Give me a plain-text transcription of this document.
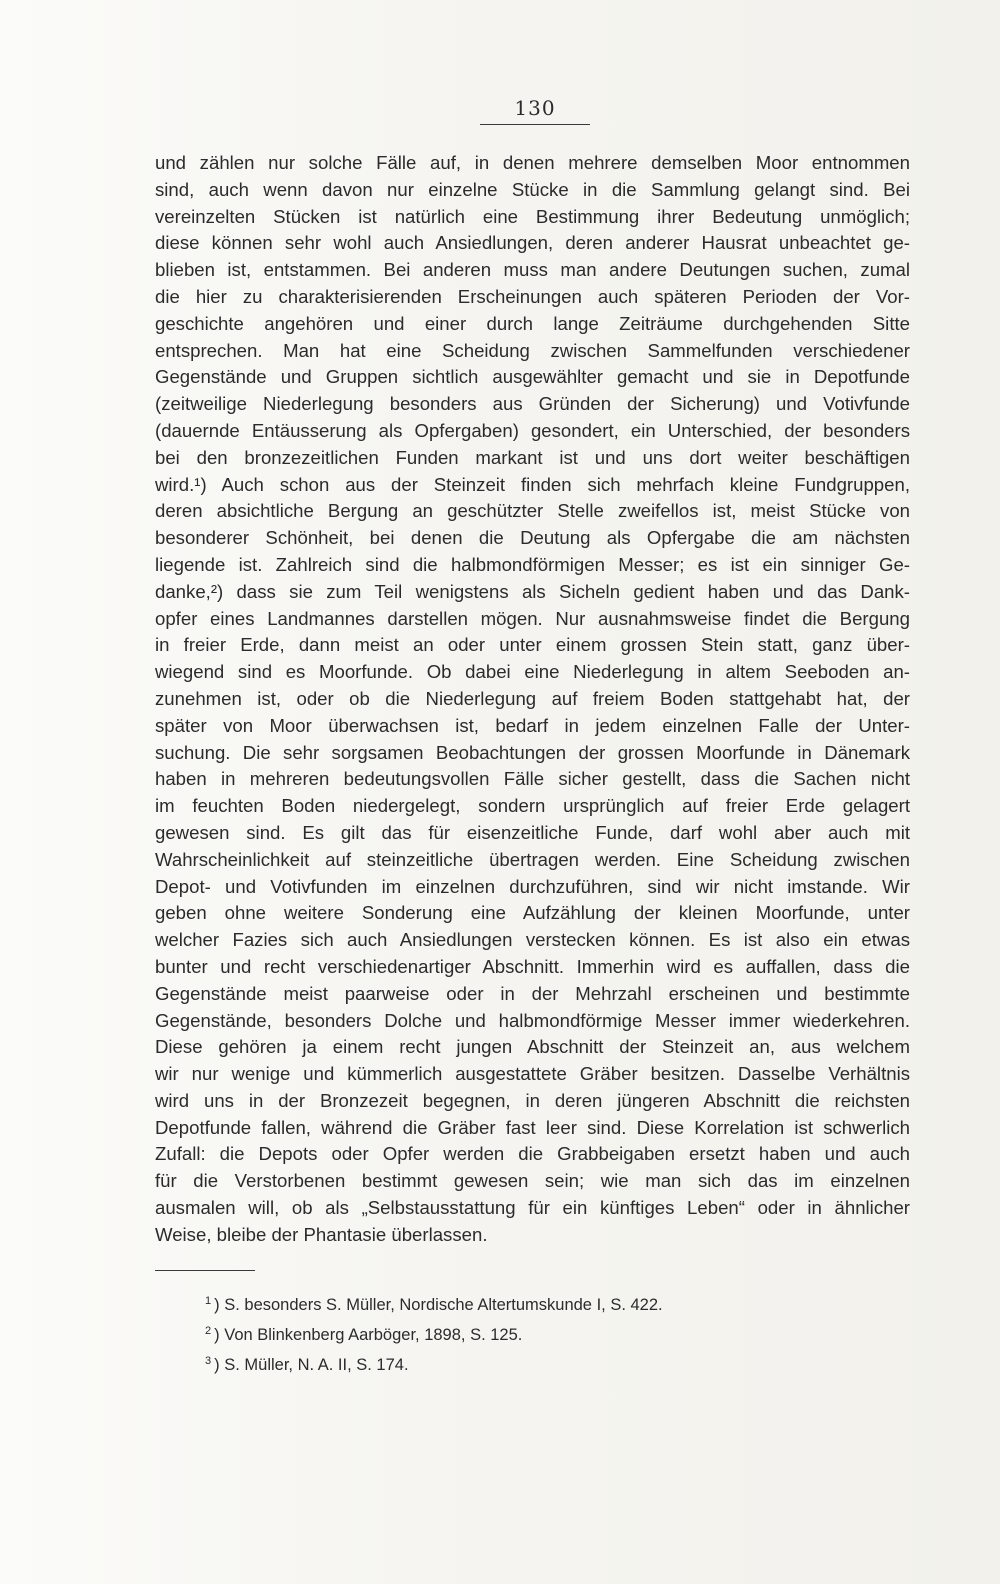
130
und zählen nur solche Fälle auf, in denen mehrere demselben Moor entnommen
sind, auch wenn davon nur einzelne Stücke in die Sammlung gelangt sind. Bei
vereinzelten Stücken ist natürlich eine Bestimmung ihrer Bedeutung unmöglich;
diese können sehr wohl auch Ansiedlungen, deren anderer Hausrat unbeachtet ge-
blieben ist, entstammen. Bei anderen muss man andere Deutungen suchen, zumal
die hier zu charakterisierenden Erscheinungen auch späteren Perioden der Vor-
geschichte angehören und einer durch lange Zeiträume durchgehenden Sitte
entsprechen. Man hat eine Scheidung zwischen Sammelfunden verschiedener
Gegenstände und Gruppen sichtlich ausgewählter gemacht und sie in Depotfunde
(zeitweilige Niederlegung besonders aus Gründen der Sicherung) und Votivfunde
(dauernde Entäusserung als Opfergaben) gesondert, ein Unterschied, der besonders
bei den bronzezeitlichen Funden markant ist und uns dort weiter beschäftigen
wird.¹) Auch schon aus der Steinzeit finden sich mehrfach kleine Fundgruppen,
deren absichtliche Bergung an geschützter Stelle zweifellos ist, meist Stücke von
besonderer Schönheit, bei denen die Deutung als Opfergabe die am nächsten
liegende ist. Zahlreich sind die halbmondförmigen Messer; es ist ein sinniger Ge-
danke,²) dass sie zum Teil wenigstens als Sicheln gedient haben und das Dank-
opfer eines Landmannes darstellen mögen. Nur ausnahmsweise findet die Bergung
in freier Erde, dann meist an oder unter einem grossen Stein statt, ganz über-
wiegend sind es Moorfunde. Ob dabei eine Niederlegung in altem Seeboden an-
zunehmen ist, oder ob die Niederlegung auf freiem Boden stattgehabt hat, der
später von Moor überwachsen ist, bedarf in jedem einzelnen Falle der Unter-
suchung. Die sehr sorgsamen Beobachtungen der grossen Moorfunde in Dänemark
haben in mehreren bedeutungsvollen Fälle sicher gestellt, dass die Sachen nicht
im feuchten Boden niedergelegt, sondern ursprünglich auf freier Erde gelagert
gewesen sind. Es gilt das für eisenzeitliche Funde, darf wohl aber auch mit
Wahrscheinlichkeit auf steinzeitliche übertragen werden. Eine Scheidung zwischen
Depot- und Votivfunden im einzelnen durchzuführen, sind wir nicht imstande. Wir
geben ohne weitere Sonderung eine Aufzählung der kleinen Moorfunde, unter
welcher Fazies sich auch Ansiedlungen verstecken können. Es ist also ein etwas
bunter und recht verschiedenartiger Abschnitt. Immerhin wird es auffallen, dass die
Gegenstände meist paarweise oder in der Mehrzahl erscheinen und bestimmte
Gegenstände, besonders Dolche und halbmondförmige Messer immer wiederkehren.
Diese gehören ja einem recht jungen Abschnitt der Steinzeit an, aus welchem
wir nur wenige und kümmerlich ausgestattete Gräber besitzen. Dasselbe Verhältnis
wird uns in der Bronzezeit begegnen, in deren jüngeren Abschnitt die reichsten
Depotfunde fallen, während die Gräber fast leer sind. Diese Korrelation ist schwerlich
Zufall: die Depots oder Opfer werden die Grabbeigaben ersetzt haben und auch
für die Verstorbenen bestimmt gewesen sein; wie man sich das im einzelnen
ausmalen will, ob als „Selbstausstattung für ein künftiges Leben“ oder in ähnlicher
Weise, bleibe der Phantasie überlassen.
$^1$ ) S. besonders S. Müller, Nordische Altertumskunde I, S. 422.
$^2$ ) Von Blinkenberg Aarböger, 1898, S. 125.
$^3$ ) S. Müller, N. A. II, S. 174.
